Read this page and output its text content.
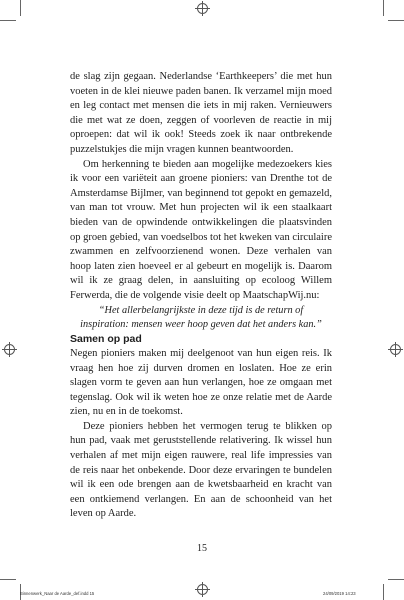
de slag zijn gegaan. Nederlandse ‘Earthkeepers’ die met hun voeten in de klei nieuwe paden banen. Ik verzamel mijn moed en leg contact met mensen die iets in mij raken. Vernieuwers die met wat ze doen, zeggen of voorleven de reactie in mij oproepen: dat wil ik ook! Steeds zoek ik naar ontbrekende puzzelstukjes die mijn vragen kunnen beantwoorden.

Om herkenning te bieden aan mogelijke medezoekers kies ik voor een variëteit aan groene pioniers: van Drenthe tot de Amsterdamse Bijlmer, van beginnend tot gepokt en gemazeld, van man tot vrouw. Met hun projecten wil ik een staalkaart bieden van de opwindende ontwikkelingen die plaatsvinden op groen gebied, van voedselbos tot het kweken van circulaire zwammen en zelfvoorzienend wonen. Deze verhalen van hoop laten zien hoeveel er al gebeurt en mogelijk is. Daarom wil ik ze graag delen, in aansluiting op ecoloog Willem Ferwerda, die de volgende visie deelt op MaatschapWij.nu:

“Het allerbelangrijkste in deze tijd is de return of inspiration: mensen weer hoop geven dat het anders kan.”

Samen op pad

Negen pioniers maken mij deelgenoot van hun eigen reis. Ik vraag hen hoe zij durven dromen en loslaten. Hoe ze erin slagen vorm te geven aan hun verlangen, hoe ze omgaan met tegenslag. Ook wil ik weten hoe ze onze relatie met de Aarde zien, nu en in de toekomst.

Deze pioniers hebben het vermogen terug te blikken op hun pad, vaak met geruststellende relativering. Ik wissel hun verhalen af met mijn eigen rauwere, real life impressies van de reis naar het onbekende. Door deze ervaringen te bundelen wil ik een ode brengen aan de kwetsbaarheid en kracht van een ontkiemend verlangen. En aan de schoonheid van het leven op Aarde.

15
Binnenwerk_Naar de Aarde_def.indd 15	24/09/2019 14:23
